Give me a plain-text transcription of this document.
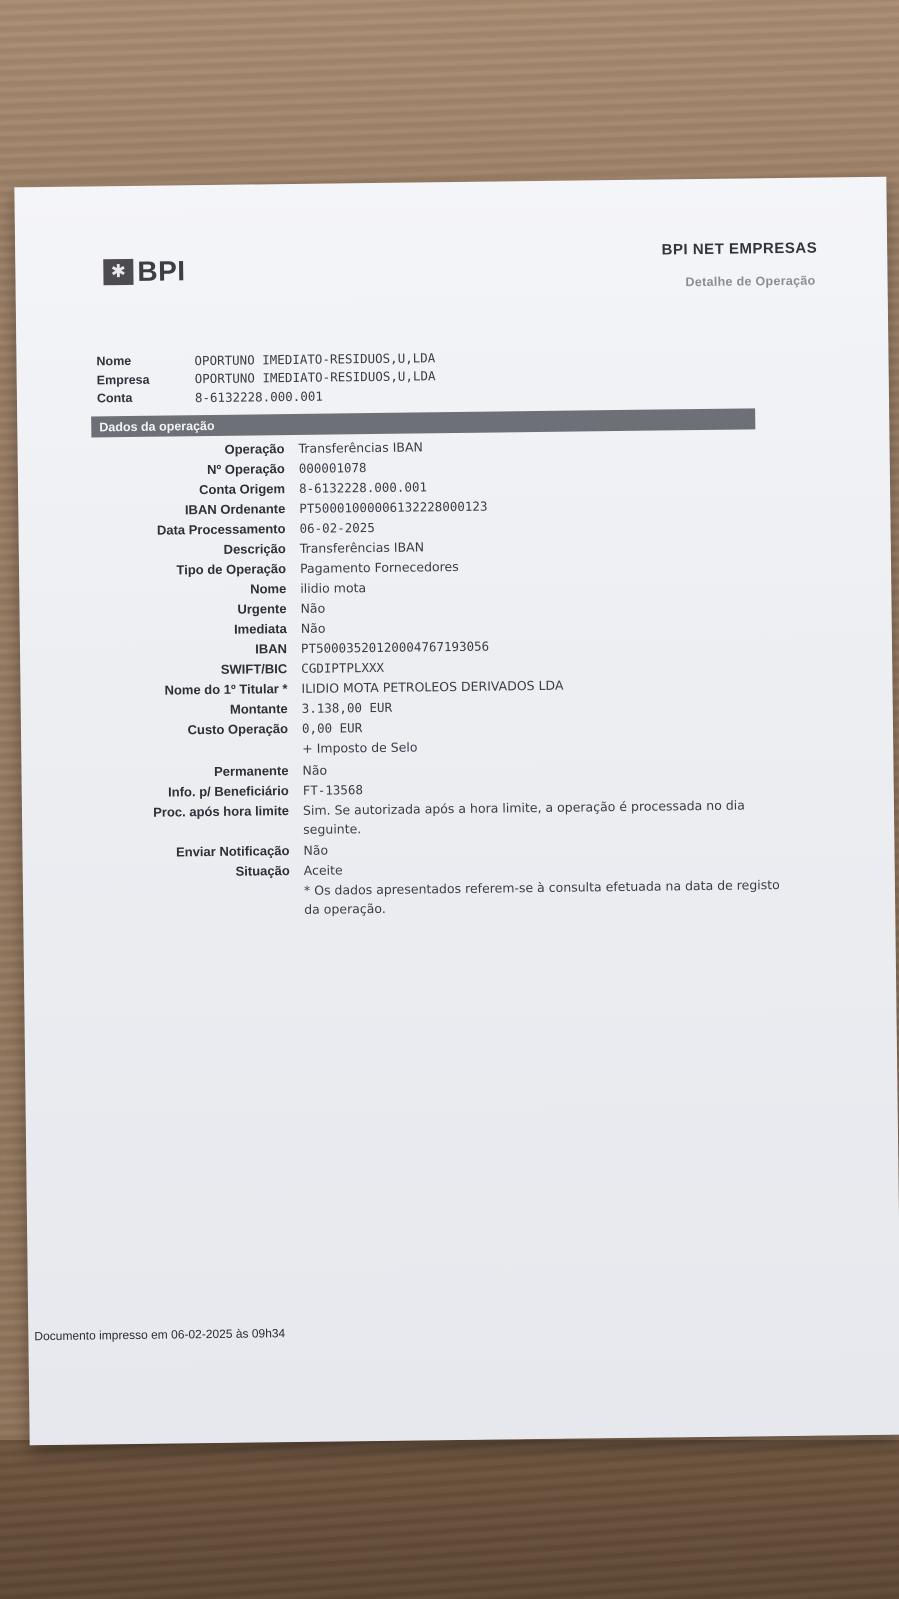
✱ BPI
BPI NET EMPRESAS
Detalhe de Operação
Nome	OPORTUNO IMEDIATO-RESIDUOS,U,LDA
Empresa	OPORTUNO IMEDIATO-RESIDUOS,U,LDA
Conta	8-6132228.000.001
Dados da operação
Operação	Transferências IBAN
Nº Operação	000001078
Conta Origem	8-6132228.000.001
IBAN Ordenante	PT50001000006132228000123
Data Processamento	06-02-2025
Descrição	Transferências IBAN
Tipo de Operação	Pagamento Fornecedores
Nome	ilidio mota
Urgente	Não
Imediata	Não
IBAN	PT50003520120004767193056
SWIFT/BIC	CGDIPTPLXXX
Nome do 1º Titular *	ILIDIO MOTA PETROLEOS DERIVADOS LDA
Montante	3.138,00 EUR
Custo Operação	0,00 EUR
+ Imposto de Selo
Permanente	Não
Info. p/ Beneficiário	FT-13568
Proc. após hora limite	Sim. Se autorizada após a hora limite, a operação é processada no dia seguinte.
Enviar Notificação	Não
Situação	Aceite
* Os dados apresentados referem-se à consulta efetuada na data de registo da operação.
Documento impresso em 06-02-2025 às 09h34
